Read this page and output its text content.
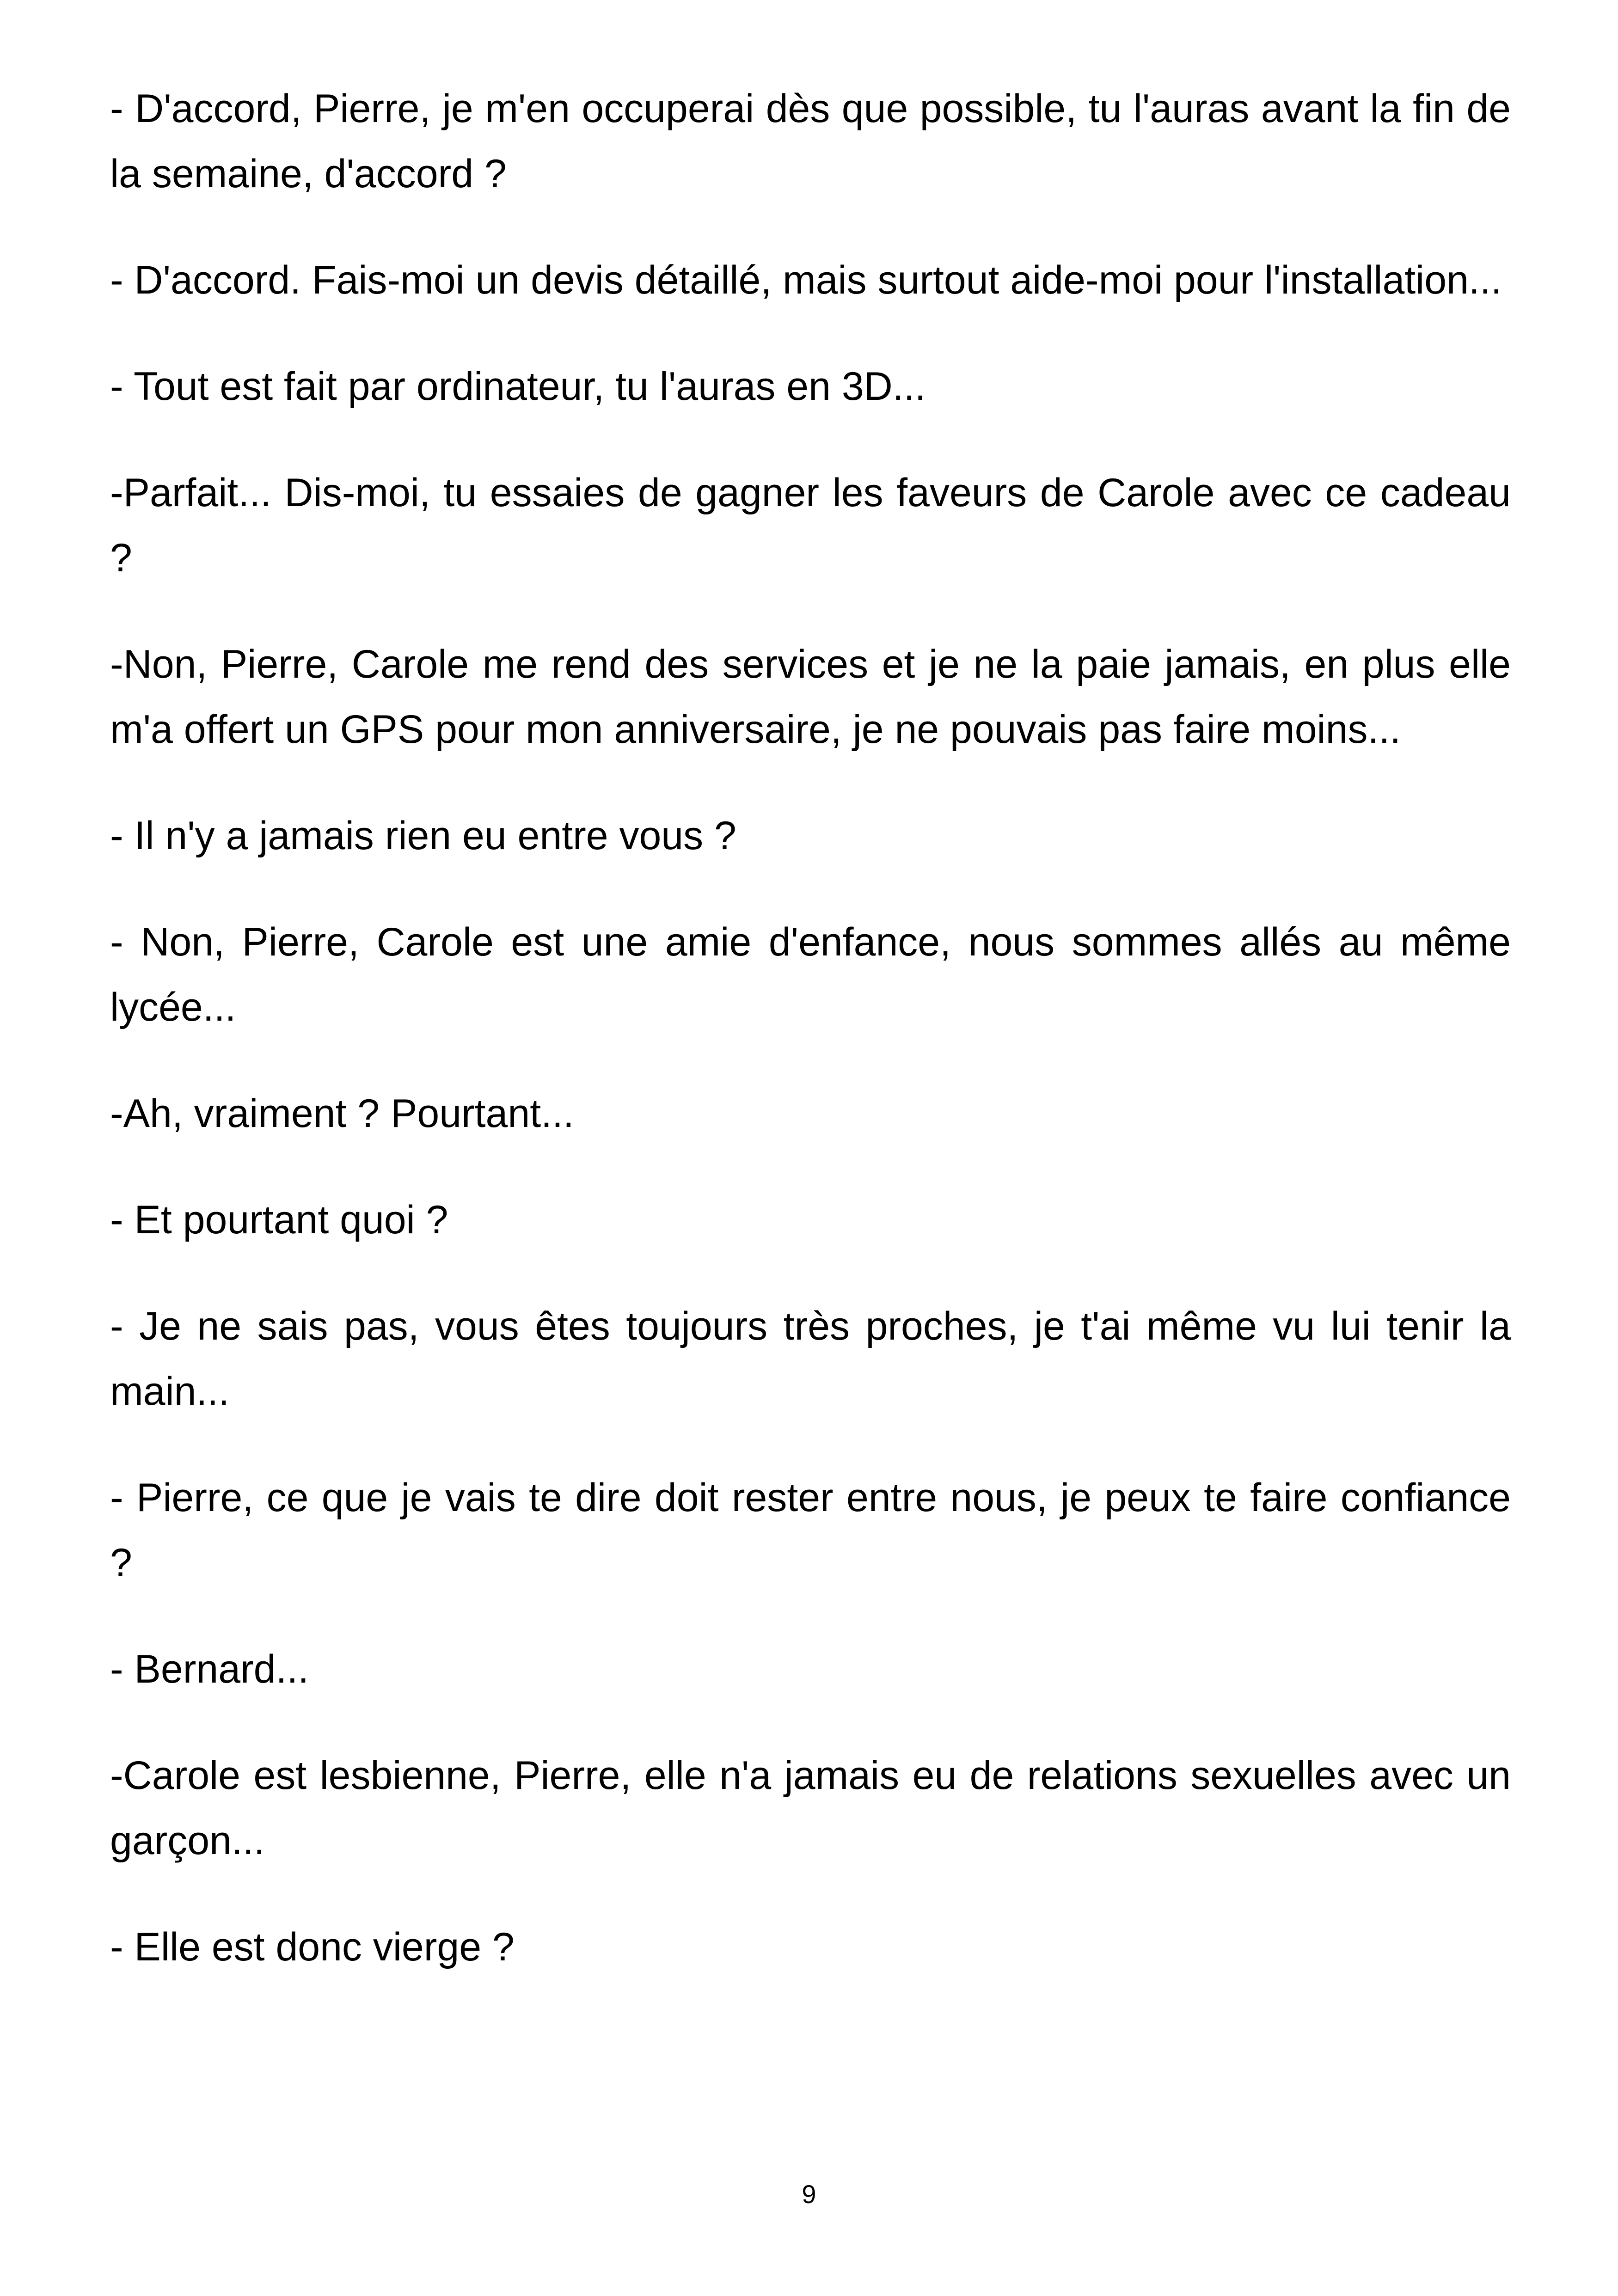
- D'accord, Pierre, je m'en occuperai dès que possible, tu l'auras avant la fin de la semaine, d'accord ?

- D'accord. Fais-moi un devis détaillé, mais surtout aide-moi pour l'installation...

- Tout est fait par ordinateur, tu l'auras en 3D...

-Parfait... Dis-moi, tu essaies de gagner les faveurs de Carole avec ce cadeau ?

-Non, Pierre, Carole me rend des services et je ne la paie jamais, en plus elle m'a offert un GPS pour mon anniversaire, je ne pouvais pas faire moins...

- Il n'y a jamais rien eu entre vous ?

- Non, Pierre, Carole est une amie d'enfance, nous sommes allés au même lycée...

-Ah, vraiment ? Pourtant...

- Et pourtant quoi ?

- Je ne sais pas, vous êtes toujours très proches, je t'ai même vu lui tenir la main...

- Pierre, ce que je vais te dire doit rester entre nous, je peux te faire confiance ?

- Bernard...

-Carole est lesbienne, Pierre, elle n'a jamais eu de relations sexuelles avec un garçon...

- Elle est donc vierge ?

9
